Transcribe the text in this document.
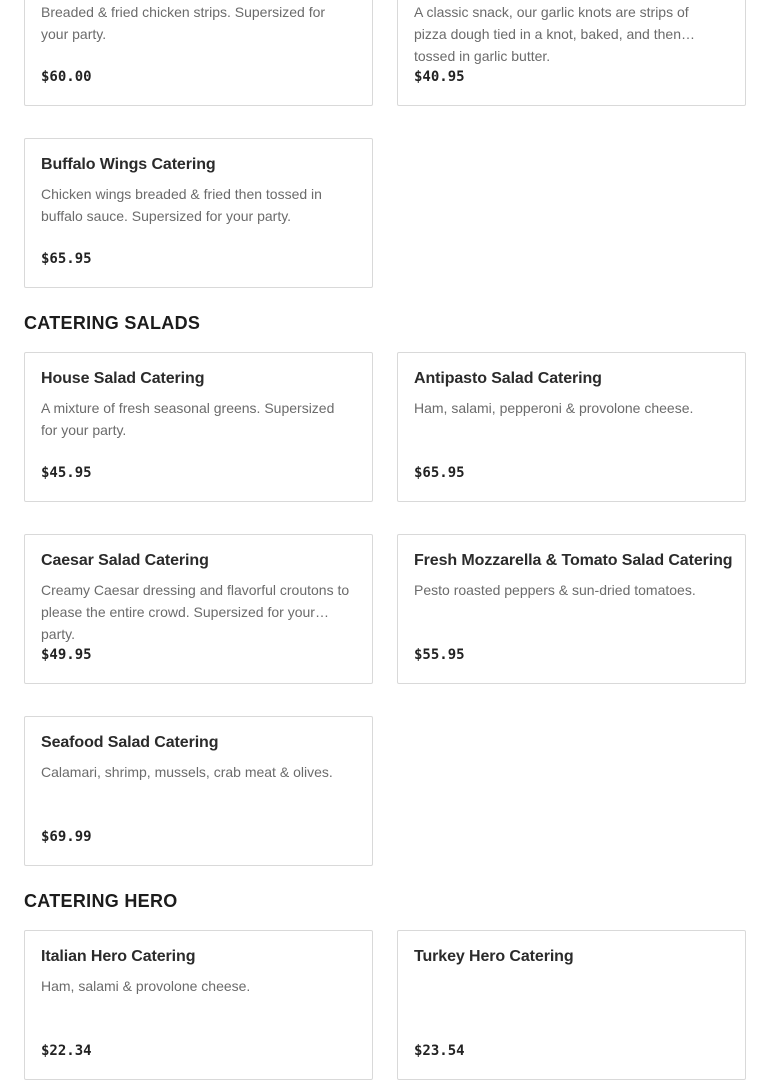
Breaded & fried chicken strips. Supersized for your party.
$60.00
A classic snack, our garlic knots are strips of pizza dough tied in a knot, baked, and then tossed in garlic butter.
$40.95
Buffalo Wings Catering
Chicken wings breaded & fried then tossed in buffalo sauce. Supersized for your party.
$65.95
CATERING SALADS
House Salad Catering
A mixture of fresh seasonal greens. Supersized for your party.
$45.95
Antipasto Salad Catering
Ham, salami, pepperoni & provolone cheese.
$65.95
Caesar Salad Catering
Creamy Caesar dressing and flavorful croutons to please the entire crowd. Supersized for your party.
$49.95
Fresh Mozzarella & Tomato Salad Catering
Pesto roasted peppers & sun-dried tomatoes.
$55.95
Seafood Salad Catering
Calamari, shrimp, mussels, crab meat & olives.
$69.99
CATERING HERO
Italian Hero Catering
Ham, salami & provolone cheese.
$22.34
Turkey Hero Catering
$23.54
